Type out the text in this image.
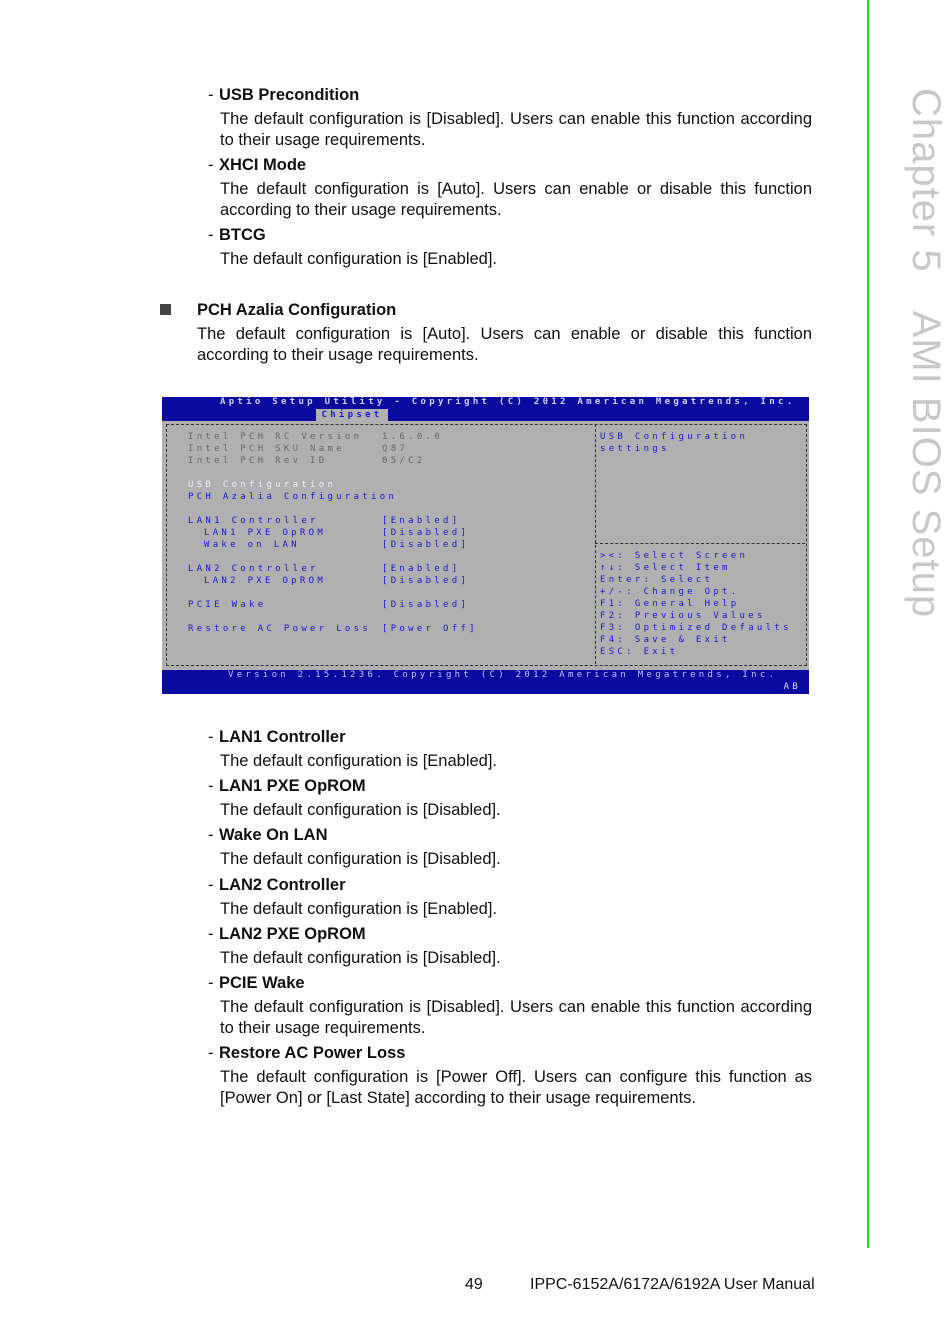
Chapter 5AMI BIOS Setup
- USB Precondition
The default configuration is [Disabled]. Users can enable this function according to their usage requirements.
- XHCI Mode
The default configuration is [Auto]. Users can enable or disable this function according to their usage requirements.
- BTCG
The default configuration is [Enabled].
PCH Azalia Configuration
The default configuration is [Auto]. Users can enable or disable this function according to their usage requirements.
Aptio Setup Utility - Copyright (C) 2012 American Megatrends, Inc.
Chipset
Intel PCH RC Version 1.6.0.0
Intel PCH SKU Name	Q87
Intel PCH Rev ID	05/C2
USB Configuration
PCH Azalia Configuration
LAN1 Controller	[Enabled]
LAN1 PXE OpROM	[Disabled]
Wake on LAN	[Disabled]
LAN2 Controller	[Enabled]
LAN2 PXE OpROM	[Disabled]
PCIE Wake	[Disabled]
Restore AC Power Loss [Power Off]
USB Configuration
settings
><: Select Screen
↑↓: Select Item
Enter: Select
+/-: Change Opt.
F1: General Help
F2: Previous Values
F3: Optimized Defaults
F4: Save & Exit
ESC: Exit
Version 2.15.1236. Copyright (C) 2012 American Megatrends, Inc.
AB
- LAN1 Controller
The default configuration is [Enabled].
- LAN1 PXE OpROM
The default configuration is [Disabled].
- Wake On LAN
The default configuration is [Disabled].
- LAN2 Controller
The default configuration is [Enabled].
- LAN2 PXE OpROM
The default configuration is [Disabled].
- PCIE Wake
The default configuration is [Disabled]. Users can enable this function according to their usage requirements.
- Restore AC Power Loss
The default configuration is [Power Off]. Users can configure this function as [Power On] or [Last State] according to their usage requirements.
49	IPPC-6152A/6172A/6192A User Manual
